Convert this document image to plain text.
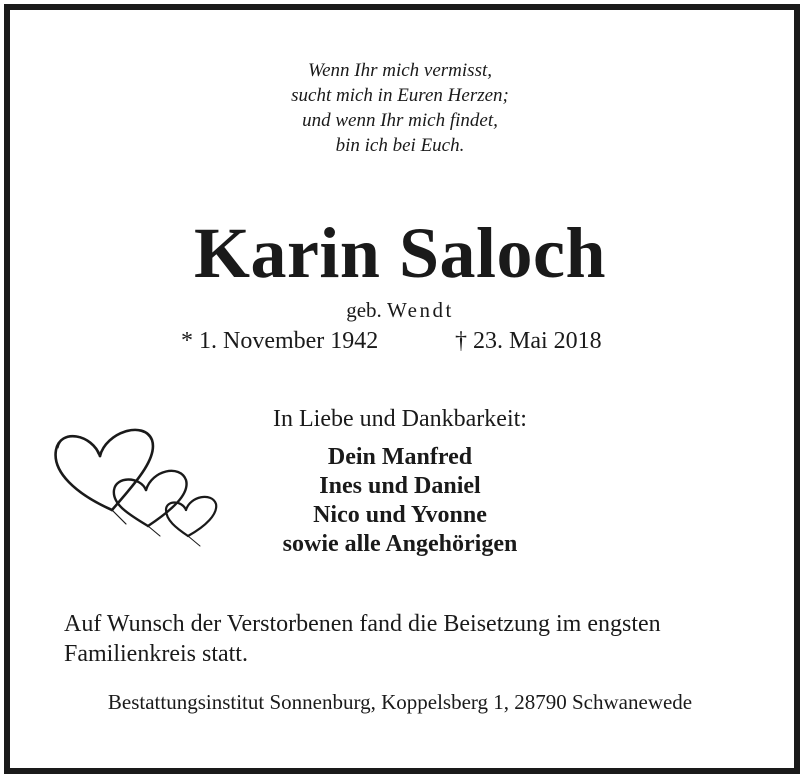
Wenn Ihr mich vermisst,
sucht mich in Euren Herzen;
und wenn Ihr mich findet,
bin ich bei Euch.
Karin Saloch
geb. Wendt
* 1. November 1942	† 23. Mai 2018
In Liebe und Dankbarkeit:
Dein Manfred
Ines und Daniel
Nico und Yvonne
sowie alle Angehörigen
Auf Wunsch der Verstorbenen fand die Beisetzung im engsten
Familienkreis statt.
Bestattungsinstitut Sonnenburg, Koppelsberg 1, 28790 Schwanewede
